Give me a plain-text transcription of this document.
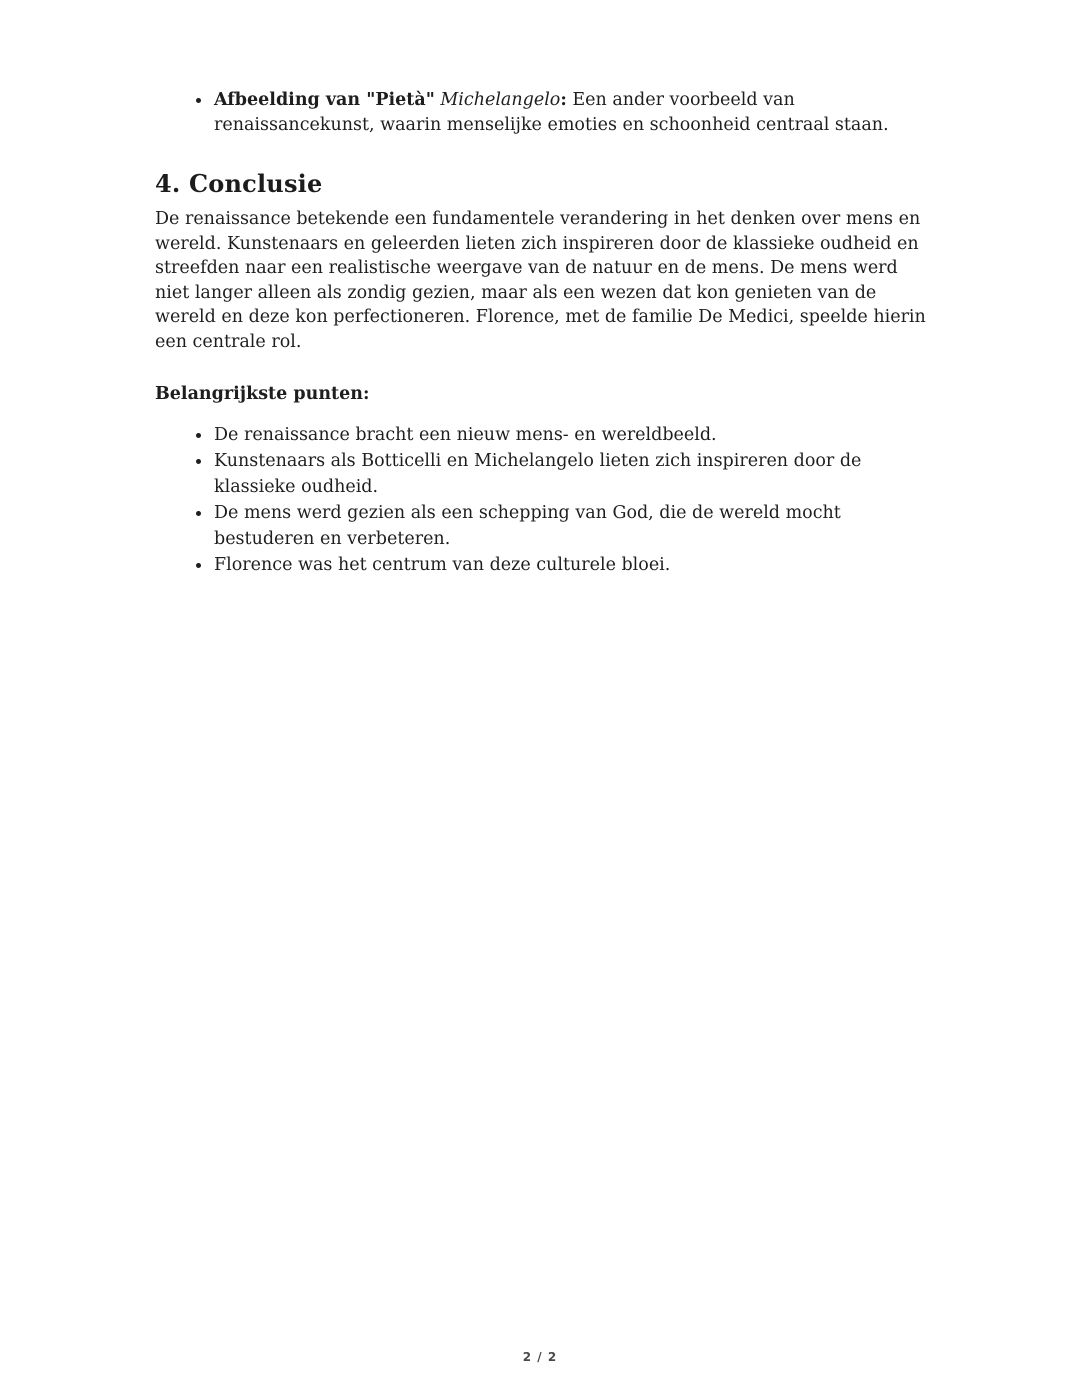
• Afbeelding van "Pietà" Michelangelo: Een ander voorbeeld van renaissancekunst, waarin menselijke emoties en schoonheid centraal staan.
4. Conclusie

De renaissance betekende een fundamentele verandering in het denken over mens en wereld. Kunstenaars en geleerden lieten zich inspireren door de klassieke oudheid en streefden naar een realistische weergave van de natuur en de mens. De mens werd niet langer alleen als zondig gezien, maar als een wezen dat kon genieten van de wereld en deze kon perfectioneren. Florence, met de familie De Medici, speelde hierin een centrale rol.

Belangrijkste punten:
• De renaissance bracht een nieuw mens- en wereldbeeld.
• Kunstenaars als Botticelli en Michelangelo lieten zich inspireren door de klassieke oudheid.
• De mens werd gezien als een schepping van God, die de wereld mocht bestuderen en verbeteren.
• Florence was het centrum van deze culturele bloei.
2 / 2
